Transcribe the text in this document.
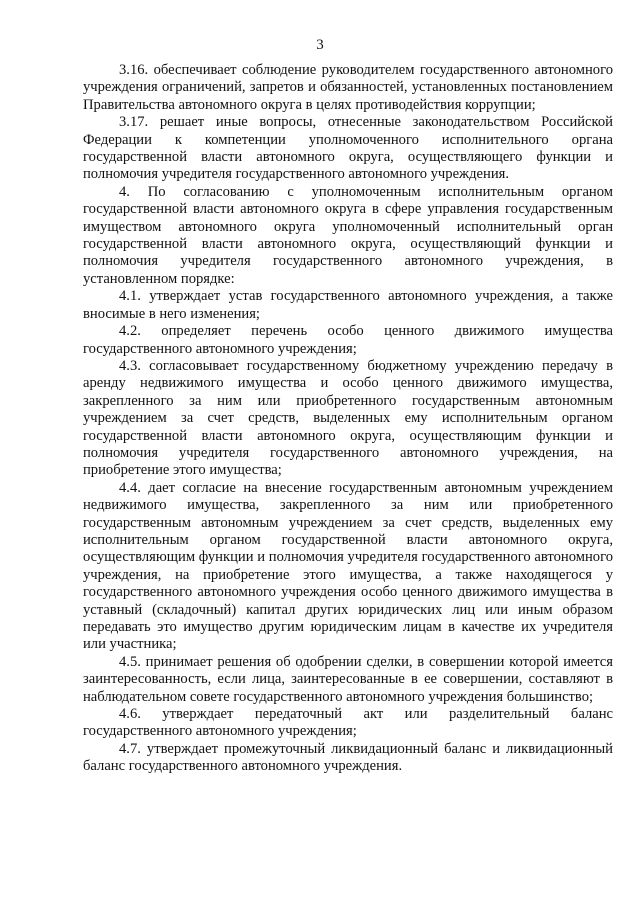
3

3.16. обеспечивает соблюдение руководителем государственного автономного учреждения ограничений, запретов и обязанностей, установленных постановлением Правительства автономного округа в целях противодействия коррупции;

3.17. решает иные вопросы, отнесенные законодательством Российской Федерации к компетенции уполномоченного исполнительного органа государственной власти автономного округа, осуществляющего функции и полномочия учредителя государственного автономного учреждения.

4. По согласованию с уполномоченным исполнительным органом государственной власти автономного округа в сфере управления государственным имуществом автономного округа уполномоченный исполнительный орган государственной власти автономного округа, осуществляющий функции и полномочия учредителя государственного автономного учреждения, в установленном порядке:

4.1. утверждает устав государственного автономного учреждения, а также вносимые в него изменения;

4.2. определяет перечень особо ценного движимого имущества государственного автономного учреждения;

4.3. согласовывает государственному бюджетному учреждению передачу в аренду недвижимого имущества и особо ценного движимого имущества, закрепленного за ним или приобретенного государственным автономным учреждением за счет средств, выделенных ему исполнительным органом государственной власти автономного округа, осуществляющим функции и полномочия учредителя государственного автономного учреждения, на приобретение этого имущества;

4.4. дает согласие на внесение государственным автономным учреждением недвижимого имущества, закрепленного за ним или приобретенного государственным автономным учреждением за счет средств, выделенных ему исполнительным органом государственной власти автономного округа, осуществляющим функции и полномочия учредителя государственного автономного учреждения, на приобретение этого имущества, а также находящегося у государственного автономного учреждения особо ценного движимого имущества в уставный (складочный) капитал других юридических лиц или иным образом передавать это имущество другим юридическим лицам в качестве их учредителя или участника;

4.5. принимает решения об одобрении сделки, в совершении которой имеется заинтересованность, если лица, заинтересованные в ее совершении, составляют в наблюдательном совете государственного автономного учреждения большинство;

4.6. утверждает передаточный акт или разделительный баланс государственного автономного учреждения;

4.7. утверждает промежуточный ликвидационный баланс и ликвидационный баланс государственного автономного учреждения.
